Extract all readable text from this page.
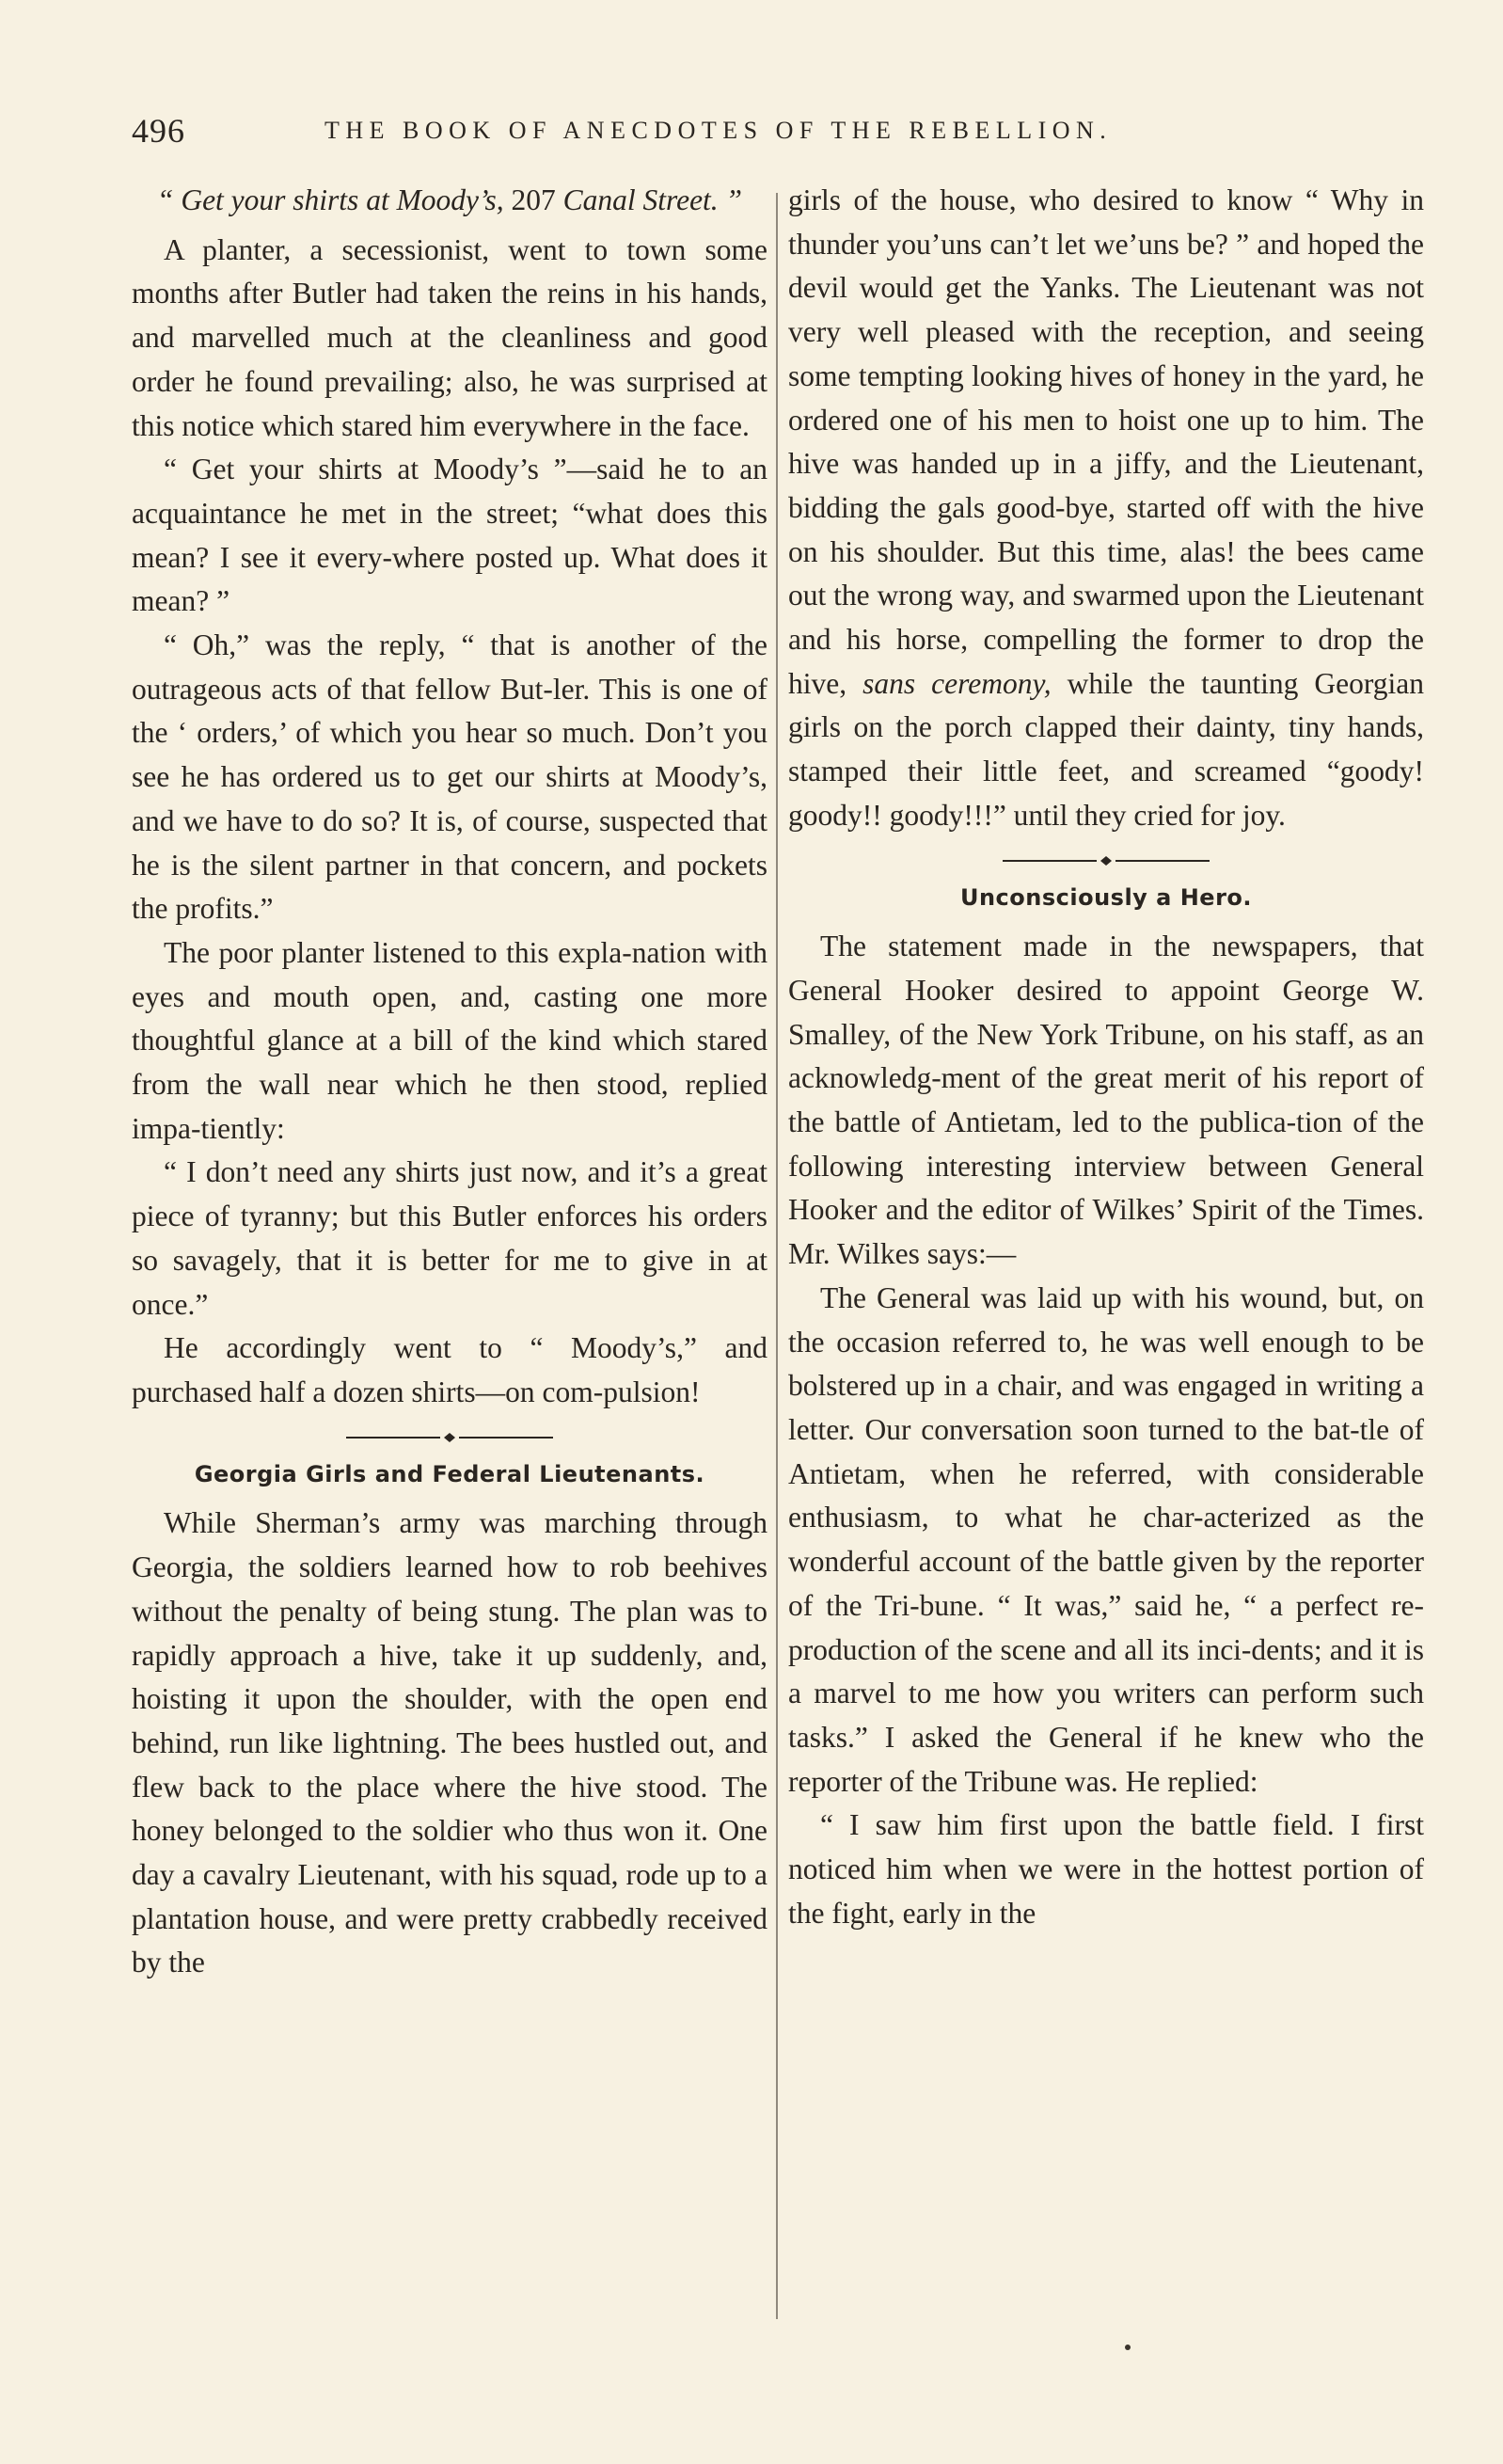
496	THE BOOK OF ANECDOTES OF THE REBELLION.

“ Get your shirts at Moody’s, 207 Canal Street. ”

A planter, a secessionist, went to town some months after Butler had taken the reins in his hands, and marvelled much at the cleanliness and good order he found prevailing; also, he was surprised at this notice which stared him everywhere in the face.

“ Get your shirts at Moody’s ”—said he to an acquaintance he met in the street; “what does this mean? I see it every-where posted up. What does it mean? ”

“ Oh,” was the reply, “ that is another of the outrageous acts of that fellow But-ler. This is one of the ‘ orders,’ of which you hear so much. Don’t you see he has ordered us to get our shirts at Moody’s, and we have to do so? It is, of course, suspected that he is the silent partner in that concern, and pockets the profits.”

The poor planter listened to this expla-nation with eyes and mouth open, and, casting one more thoughtful glance at a bill of the kind which stared from the wall near which he then stood, replied impa-tiently:

“ I don’t need any shirts just now, and it’s a great piece of tyranny; but this Butler enforces his orders so savagely, that it is better for me to give in at once.”

He accordingly went to “ Moody’s,” and purchased half a dozen shirts—on com-pulsion!

Georgia Girls and Federal Lieutenants.

While Sherman’s army was marching through Georgia, the soldiers learned how to rob beehives without the penalty of being stung. The plan was to rapidly approach a hive, take it up suddenly, and, hoisting it upon the shoulder, with the open end behind, run like lightning. The bees hustled out, and flew back to the place where the hive stood. The honey belonged to the soldier who thus won it. One day a cavalry Lieutenant, with his squad, rode up to a plantation house, and were pretty crabbedly received by the

girls of the house, who desired to know “ Why in thunder you’uns can’t let we’uns be? ” and hoped the devil would get the Yanks. The Lieutenant was not very well pleased with the reception, and seeing some tempting looking hives of honey in the yard, he ordered one of his men to hoist one up to him. The hive was handed up in a jiffy, and the Lieutenant, bidding the gals good-bye, started off with the hive on his shoulder. But this time, alas! the bees came out the wrong way, and swarmed upon the Lieutenant and his horse, compelling the former to drop the hive, sans ceremony, while the taunting Georgian girls on the porch clapped their dainty, tiny hands, stamped their little feet, and screamed “goody! goody!! goody!!!” until they cried for joy.

Unconsciously a Hero.

The statement made in the newspapers, that General Hooker desired to appoint George W. Smalley, of the New York Tribune, on his staff, as an acknowledg-ment of the great merit of his report of the battle of Antietam, led to the publica-tion of the following interesting interview between General Hooker and the editor of Wilkes’ Spirit of the Times. Mr. Wilkes says:—

The General was laid up with his wound, but, on the occasion referred to, he was well enough to be bolstered up in a chair, and was engaged in writing a letter. Our conversation soon turned to the bat-tle of Antietam, when he referred, with considerable enthusiasm, to what he char-acterized as the wonderful account of the battle given by the reporter of the Tri-bune. “ It was,” said he, “ a perfect re-production of the scene and all its inci-dents; and it is a marvel to me how you writers can perform such tasks.” I asked the General if he knew who the reporter of the Tribune was. He replied:

“ I saw him first upon the battle field. I first noticed him when we were in the hottest portion of the fight, early in the
